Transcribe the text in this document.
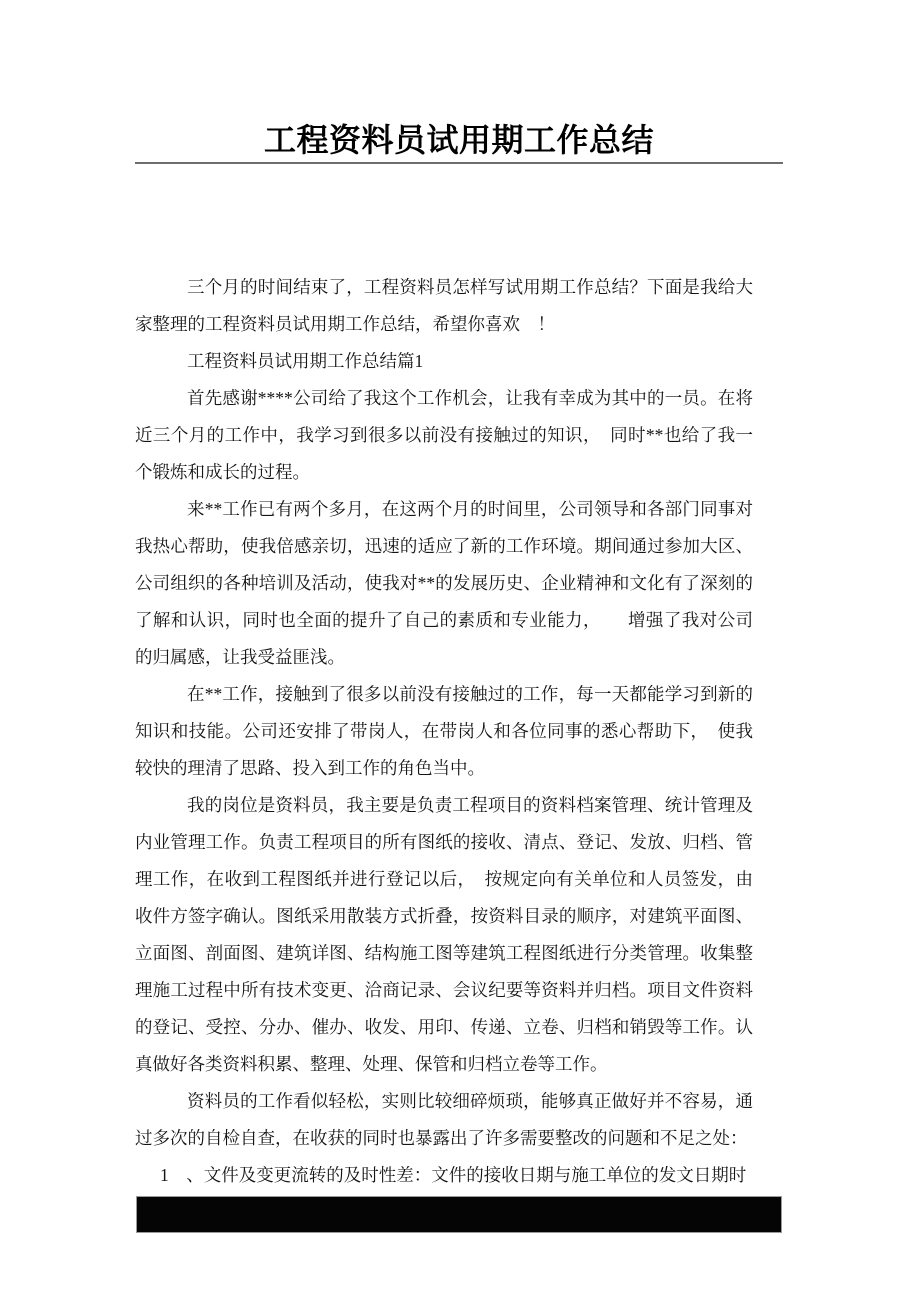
工程资料员试用期工作总结

三个月的时间结束了，工程资料员怎样写试用期工作总结？下面是我给大家整理的工程资料员试用期工作总结，希望你喜欢　！

工程资料员试用期工作总结篇1

首先感谢****公司给了我这个工作机会，让我有幸成为其中的一员。在将近三个月的工作中，我学习到很多以前没有接触过的知识，　同时**也给了我一个锻炼和成长的过程。

来**工作已有两个多月，在这两个月的时间里，公司领导和各部门同事对我热心帮助，使我倍感亲切，迅速的适应了新的工作环境。期间通过参加大区、公司组织的各种培训及活动，使我对**的发展历史、企业精神和文化有了深刻的了解和认识，同时也全面的提升了自己的素质和专业能力，　　增强了我对公司的归属感，让我受益匪浅。

在**工作，接触到了很多以前没有接触过的工作，每一天都能学习到新的知识和技能。公司还安排了带岗人，在带岗人和各位同事的悉心帮助下，　使我较快的理清了思路、投入到工作的角色当中。

我的岗位是资料员，我主要是负责工程项目的资料档案管理、统计管理及内业管理工作。负责工程项目的所有图纸的接收、清点、登记、发放、归档、管理工作，在收到工程图纸并进行登记以后，　按规定向有关单位和人员签发，由收件方签字确认。图纸采用散装方式折叠，按资料目录的顺序，对建筑平面图、立面图、剖面图、建筑详图、结构施工图等建筑工程图纸进行分类管理。收集整理施工过程中所有技术变更、洽商记录、会议纪要等资料并归档。项目文件资料的登记、受控、分办、催办、收发、用印、传递、立卷、归档和销毁等工作。认真做好各类资料积累、整理、处理、保管和归档立卷等工作。

资料员的工作看似轻松，实则比较细碎烦琐，能够真正做好并不容易，通过多次的自检自查，在收获的同时也暴露出了许多需要整改的问题和不足之处：

1　、文件及变更流转的及时性差：文件的接收日期与施工单位的发文日期时
